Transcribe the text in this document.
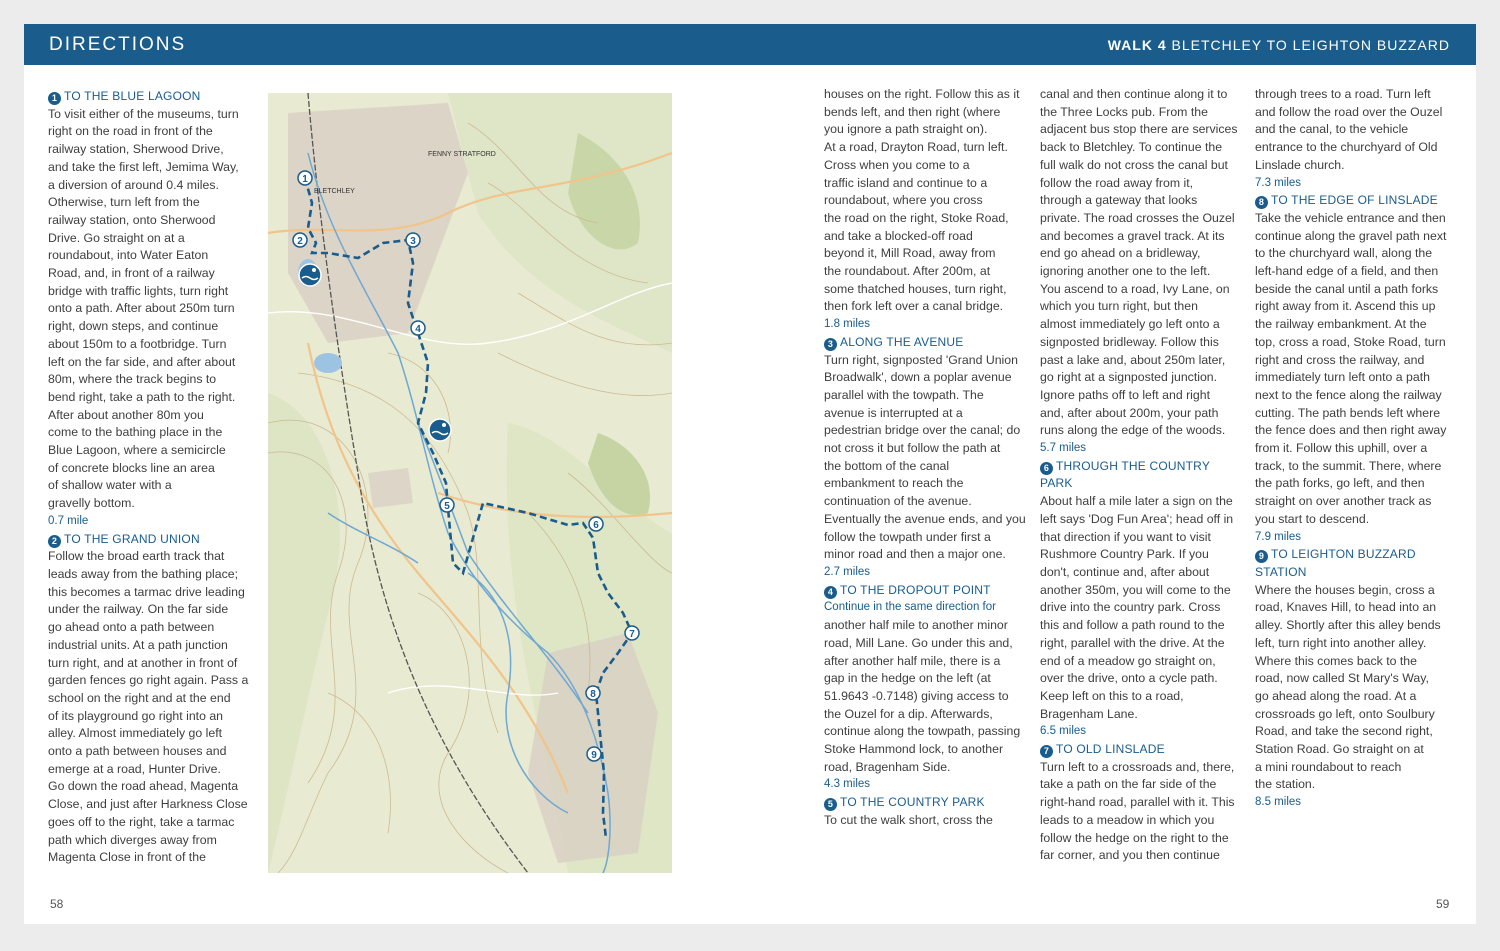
DIRECTIONS	WALK 4 BLETCHLEY TO LEIGHTON BUZZARD

1 TO THE BLUE LAGOON

To visit either of the museums, turn
right on the road in front of the
railway station, Sherwood Drive,
and take the first left, Jemima Way,
a diversion of around 0.4 miles.
Otherwise, turn left from the
railway station, onto Sherwood
Drive. Go straight on at a
roundabout, into Water Eaton
Road, and, in front of a railway
bridge with traffic lights, turn right
onto a path. After about 250m turn
right, down steps, and continue
about 150m to a footbridge. Turn
left on the far side, and after about
80m, where the track begins to
bend right, take a path to the right.
After about another 80m you
come to the bathing place in the
Blue Lagoon, where a semicircle
of concrete blocks line an area
of shallow water with a
gravelly bottom.

0.7 mile

2 TO THE GRAND UNION

Follow the broad earth track that
leads away from the bathing place;
this becomes a tarmac drive leading
under the railway. On the far side
go ahead onto a path between
industrial units. At a path junction
turn right, and at another in front of
garden fences go right again. Pass a
school on the right and at the end
of its playground go right into an
alley. Almost immediately go left
onto a path between houses and
emerge at a road, Hunter Drive.
Go down the road ahead, Magenta
Close, and just after Harkness Close
goes off to the right, take a tarmac
path which diverges away from
Magenta Close in front of the
1
2	3
4
5
6
7
8
9
FENNY STRATFORD
BLETCHLEY
houses on the right. Follow this as it
bends left, and then right (where
you ignore a path straight on).
At a road, Drayton Road, turn left.
Cross when you come to a
traffic island and continue to a
roundabout, where you cross
the road on the right, Stoke Road,
and take a blocked-off road
beyond it, Mill Road, away from
the roundabout. After 200m, at
some thatched houses, turn right,
then fork left over a canal bridge.

1.8 miles

3 ALONG THE AVENUE

Turn right, signposted 'Grand Union
Broadwalk', down a poplar avenue
parallel with the towpath. The
avenue is interrupted at a
pedestrian bridge over the canal; do
not cross it but follow the path at
the bottom of the canal
embankment to reach the
continuation of the avenue.
Eventually the avenue ends, and you
follow the towpath under first a
minor road and then a major one.

2.7 miles

4 TO THE DROPOUT POINT

Continue in the same direction for

another half mile to another minor
road, Mill Lane. Go under this and,
after another half mile, there is a
gap in the hedge on the left (at
51.9643 -0.7148) giving access to
the Ouzel for a dip. Afterwards,
continue along the towpath, passing
Stoke Hammond lock, to another
road, Bragenham Side.

4.3 miles

5 TO THE COUNTRY PARK

To cut the walk short, cross the
canal and then continue along it to
the Three Locks pub. From the
adjacent bus stop there are services
back to Bletchley. To continue the
full walk do not cross the canal but
follow the road away from it,
through a gateway that looks
private. The road crosses the Ouzel
and becomes a gravel track. At its
end go ahead on a bridleway,
ignoring another one to the left.
You ascend to a road, Ivy Lane, on
which you turn right, but then
almost immediately go left onto a
signposted bridleway. Follow this
past a lake and, about 250m later,
go right at a signposted junction.
Ignore paths off to left and right
and, after about 200m, your path
runs along the edge of the woods.

5.7 miles

6 THROUGH THE COUNTRY PARK

About half a mile later a sign on the
left says 'Dog Fun Area'; head off in
that direction if you want to visit
Rushmore Country Park. If you
don't, continue and, after about
another 350m, you will come to the
drive into the country park. Cross
this and follow a path round to the
right, parallel with the drive. At the
end of a meadow go straight on,
over the drive, onto a cycle path.
Keep left on this to a road,
Bragenham Lane.

6.5 miles

7 TO OLD LINSLADE

Turn left to a crossroads and, there,
take a path on the far side of the
right-hand road, parallel with it. This
leads to a meadow in which you
follow the hedge on the right to the
far corner, and you then continue
through trees to a road. Turn left
and follow the road over the Ouzel
and the canal, to the vehicle
entrance to the churchyard of Old
Linslade church.

7.3 miles

8 TO THE EDGE OF LINSLADE

Take the vehicle entrance and then
continue along the gravel path next
to the churchyard wall, along the
left-hand edge of a field, and then
beside the canal until a path forks
right away from it. Ascend this up
the railway embankment. At the
top, cross a road, Stoke Road, turn
right and cross the railway, and
immediately turn left onto a path
next to the fence along the railway
cutting. The path bends left where
the fence does and then right away
from it. Follow this uphill, over a
track, to the summit. There, where
the path forks, go left, and then
straight on over another track as
you start to descend.

7.9 miles

9 TO LEIGHTON BUZZARD

STATION

Where the houses begin, cross a
road, Knaves Hill, to head into an
alley. Shortly after this alley bends
left, turn right into another alley.
Where this comes back to the
road, now called St Mary's Way,
go ahead along the road. At a
crossroads go left, onto Soulbury
Road, and take the second right,
Station Road. Go straight on at
a mini roundabout to reach
the station.

8.5 miles

58	59
